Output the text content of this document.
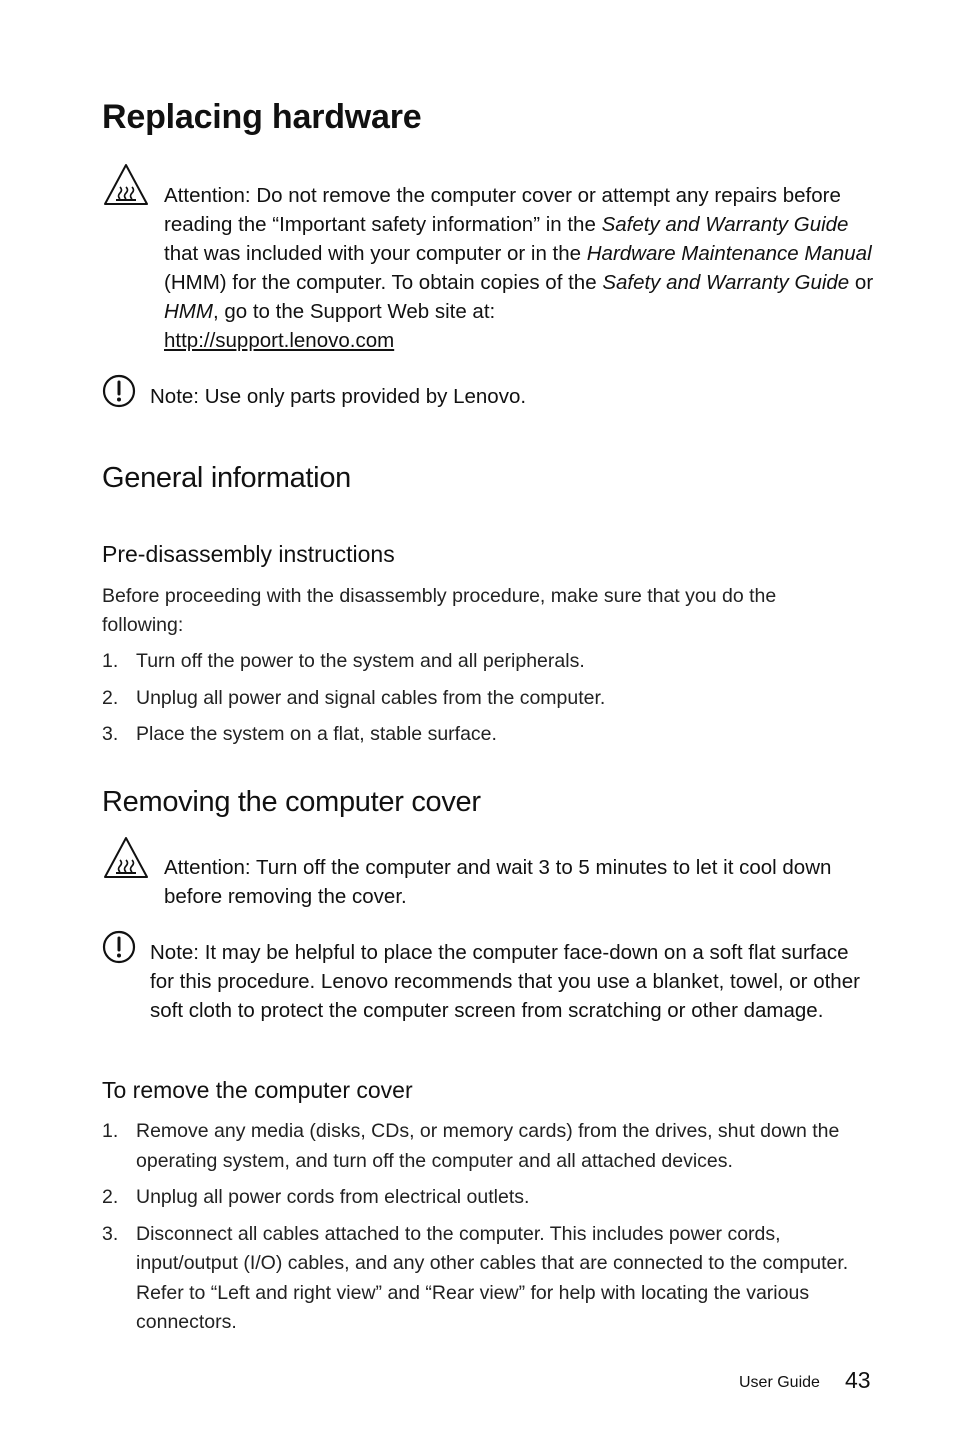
Replacing hardware
Attention: Do not remove the computer cover or attempt any repairs before reading the “Important safety information” in the Safety and Warranty Guide that was included with your computer or in the Hardware Maintenance Manual (HMM) for the computer. To obtain copies of the Safety and Warranty Guide or HMM, go to the Support Web site at:
http://support.lenovo.com
Note: Use only parts provided by Lenovo.
General information
Pre-disassembly instructions
Before proceeding with the disassembly procedure, make sure that you do the following:
1. Turn off the power to the system and all peripherals.
2. Unplug all power and signal cables from the computer.
3. Place the system on a flat, stable surface.
Removing the computer cover
Attention: Turn off the computer and wait 3 to 5 minutes to let it cool down before removing the cover.
Note: It may be helpful to place the computer face-down on a soft flat surface for this procedure. Lenovo recommends that you use a blanket, towel, or other soft cloth to protect the computer screen from scratching or other damage.
To remove the computer cover
1. Remove any media (disks, CDs, or memory cards) from the drives, shut down the operating system, and turn off the computer and all attached devices.
2. Unplug all power cords from electrical outlets.
3. Disconnect all cables attached to the computer. This includes power cords, input/output (I/O) cables, and any other cables that are connected to the computer. Refer to “Left and right view” and “Rear view” for help with locating the various connectors.
User Guide 43
